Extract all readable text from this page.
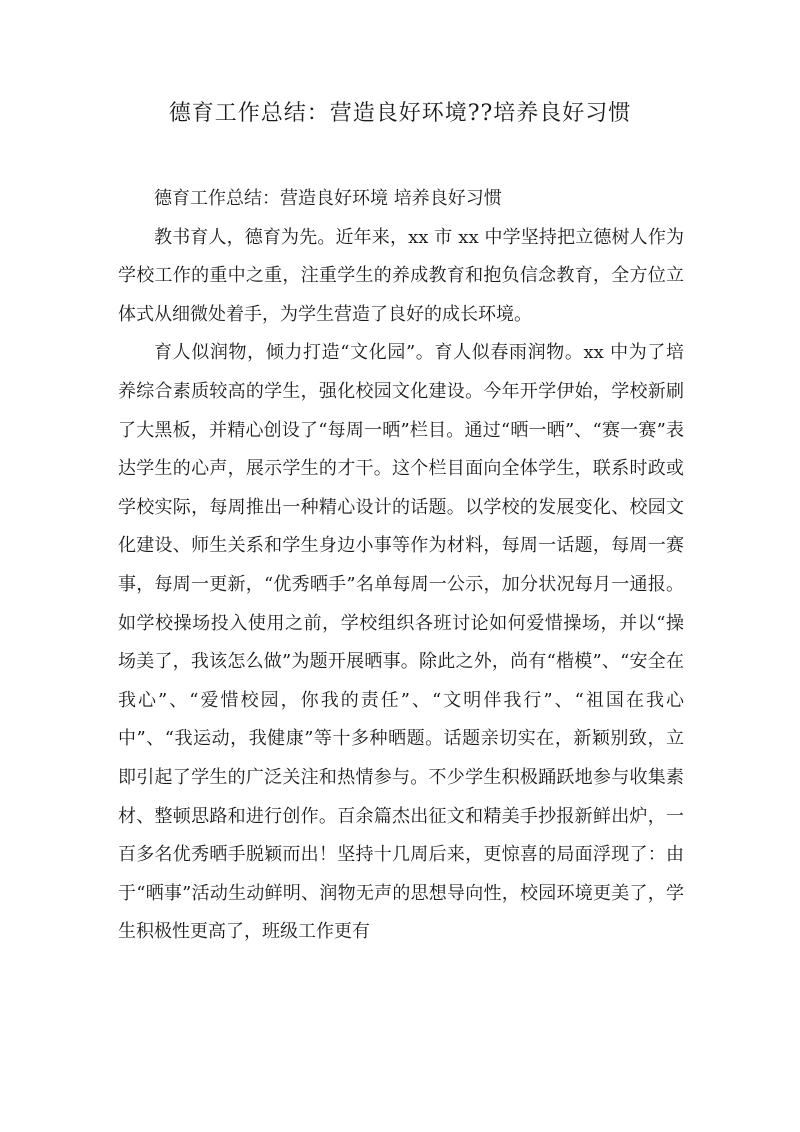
德育工作总结：营造良好环境??培养良好习惯

德育工作总结：营造良好环境 培养良好习惯

教书育人，德育为先。近年来，xx 市 xx 中学坚持把立德树人作为学校工作的重中之重，注重学生的养成教育和抱负信念教育，全方位立体式从细微处着手，为学生营造了良好的成长环境。

育人似润物，倾力打造“文化园”。育人似春雨润物。xx 中为了培养综合素质较高的学生，强化校园文化建设。今年开学伊始，学校新刷了大黑板，并精心创设了“每周一晒”栏目。通过“晒一晒”、“赛一赛”表达学生的心声，展示学生的才干。这个栏目面向全体学生，联系时政或学校实际，每周推出一种精心设计的话题。以学校的发展变化、校园文化建设、师生关系和学生身边小事等作为材料，每周一话题，每周一赛事，每周一更新，“优秀晒手”名单每周一公示，加分状况每月一通报。如学校操场投入使用之前，学校组织各班讨论如何爱惜操场，并以“操场美了，我该怎么做”为题开展晒事。除此之外，尚有“楷模”、“安全在我心”、“爱惜校园，你我的责任”、“文明伴我行”、“祖国在我心中”、“我运动，我健康”等十多种晒题。话题亲切实在，新颖别致，立即引起了学生的广泛关注和热情参与。不少学生积极踊跃地参与收集素材、整顿思路和进行创作。百余篇杰出征文和精美手抄报新鲜出炉，一百多名优秀晒手脱颖而出！坚持十几周后来，更惊喜的局面浮现了：由于“晒事”活动生动鲜明、润物无声的思想导向性，校园环境更美了，学生积极性更高了，班级工作更有
